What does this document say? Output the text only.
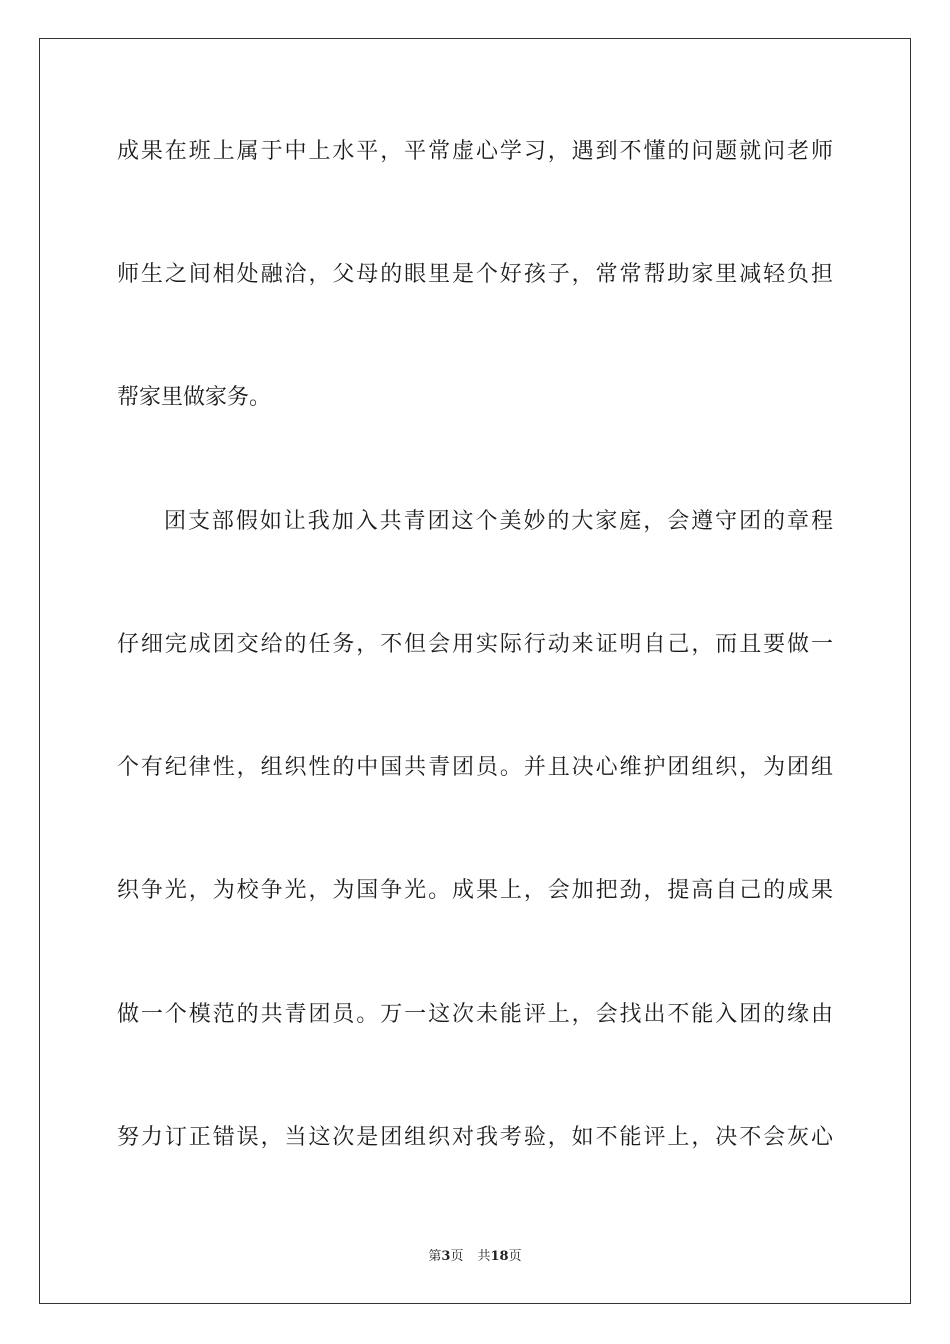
成果在班上属于中上水平，平常虚心学习，遇到不懂的问题就问老师
师生之间相处融洽，父母的眼里是个好孩子，常常帮助家里减轻负担
帮家里做家务。
团支部假如让我加入共青团这个美妙的大家庭，会遵守团的章程
仔细完成团交给的任务，不但会用实际行动来证明自己，而且要做一
个有纪律性，组织性的中国共青团员。并且决心维护团组织，为团组
织争光，为校争光，为国争光。成果上，会加把劲，提高自己的成果
做一个模范的共青团员。万一这次未能评上，会找出不能入团的缘由
努力订正错误，当这次是团组织对我考验，如不能评上，决不会灰心
第3页 共18页
